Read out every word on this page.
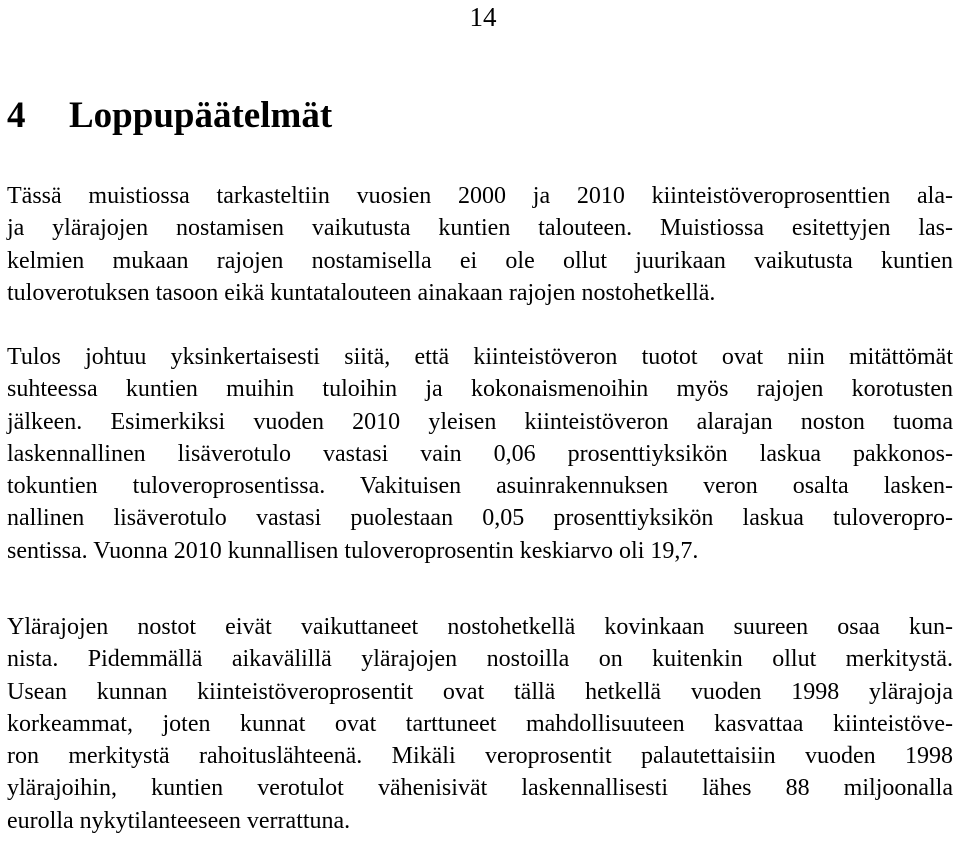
14
4 Loppupäätelmät
Tässä muistiossa tarkasteltiin vuosien 2000 ja 2010 kiinteistöveroprosenttien ala-
ja ylärajojen nostamisen vaikutusta kuntien talouteen. Muistiossa esitettyjen las-
kelmien mukaan rajojen nostamisella ei ole ollut juurikaan vaikutusta kuntien
tuloverotuksen tasoon eikä kuntatalouteen ainakaan rajojen nostohetkellä.
Tulos johtuu yksinkertaisesti siitä, että kiinteistöveron tuotot ovat niin mitättömät
suhteessa kuntien muihin tuloihin ja kokonaismenoihin myös rajojen korotusten
jälkeen. Esimerkiksi vuoden 2010 yleisen kiinteistöveron alarajan noston tuoma
laskennallinen lisäverotulo vastasi vain 0,06 prosenttiyksikön laskua pakkonos-
tokuntien tuloveroprosentissa. Vakituisen asuinrakennuksen veron osalta lasken-
nallinen lisäverotulo vastasi puolestaan 0,05 prosenttiyksikön laskua tuloveropro-
sentissa. Vuonna 2010 kunnallisen tuloveroprosentin keskiarvo oli 19,7.
Ylärajojen nostot eivät vaikuttaneet nostohetkellä kovinkaan suureen osaa kun-
nista. Pidemmällä aikavälillä ylärajojen nostoilla on kuitenkin ollut merkitystä.
Usean kunnan kiinteistöveroprosentit ovat tällä hetkellä vuoden 1998 ylärajoja
korkeammat, joten kunnat ovat tarttuneet mahdollisuuteen kasvattaa kiinteistöve-
ron merkitystä rahoituslähteenä. Mikäli veroprosentit palautettaisiin vuoden 1998
ylärajoihin, kuntien verotulot vähenisivät laskennallisesti lähes 88 miljoonalla
eurolla nykytilanteeseen verrattuna.
